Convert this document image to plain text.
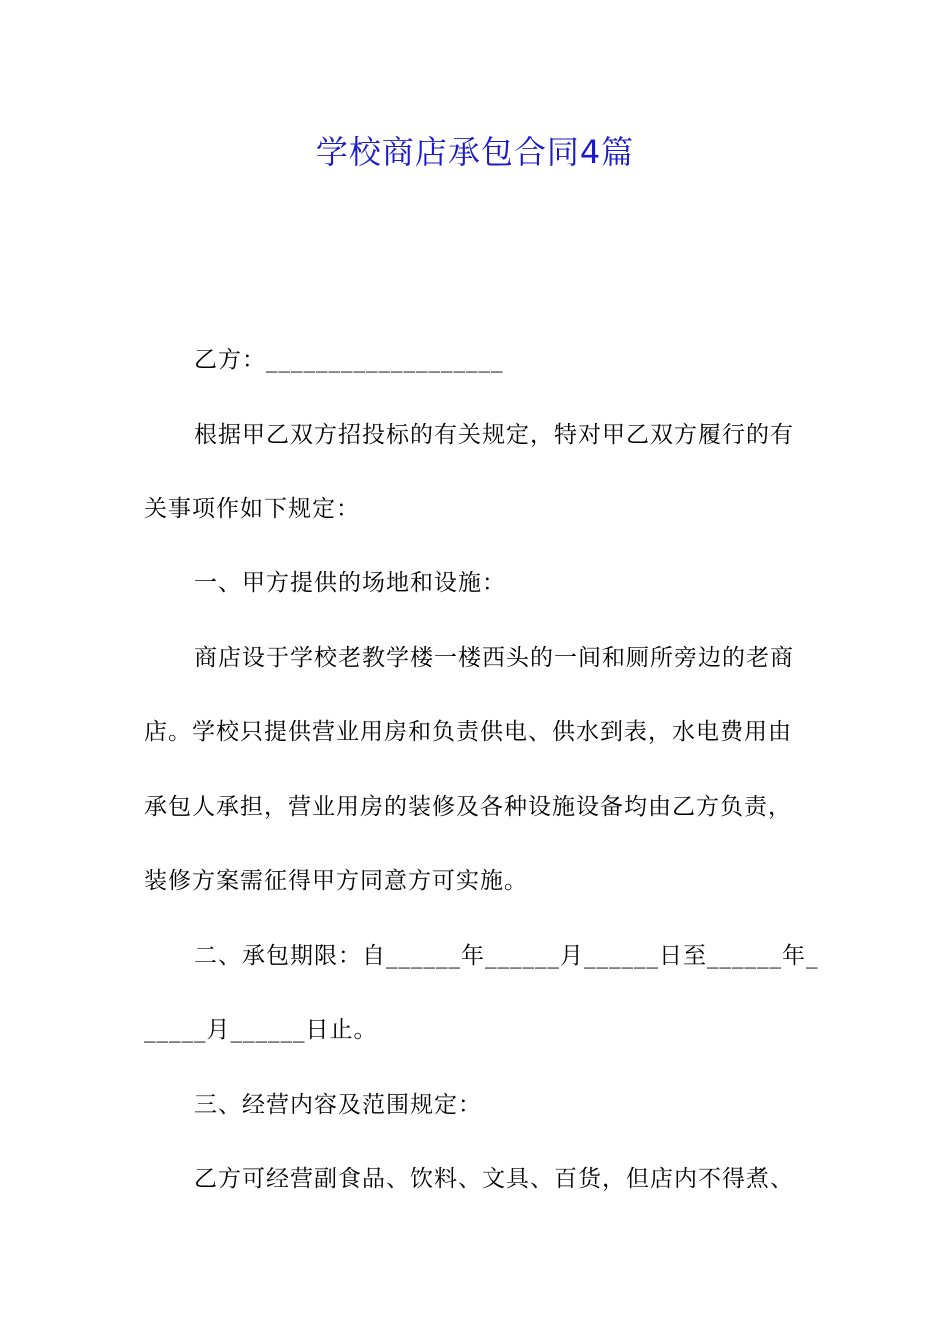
学校商店承包合同4篇
乙方：___________________
根据甲乙双方招投标的有关规定，特对甲乙双方履行的有
关事项作如下规定：
一、甲方提供的场地和设施：
商店设于学校老教学楼一楼西头的一间和厕所旁边的老商
店。学校只提供营业用房和负责供电、供水到表，水电费用由
承包人承担，营业用房的装修及各种设施设备均由乙方负责，
装修方案需征得甲方同意方可实施。
二、承包期限：自______年______月______日至______年_
_____月______日止。
三、经营内容及范围规定：
乙方可经营副食品、饮料、文具、百货，但店内不得煮、
